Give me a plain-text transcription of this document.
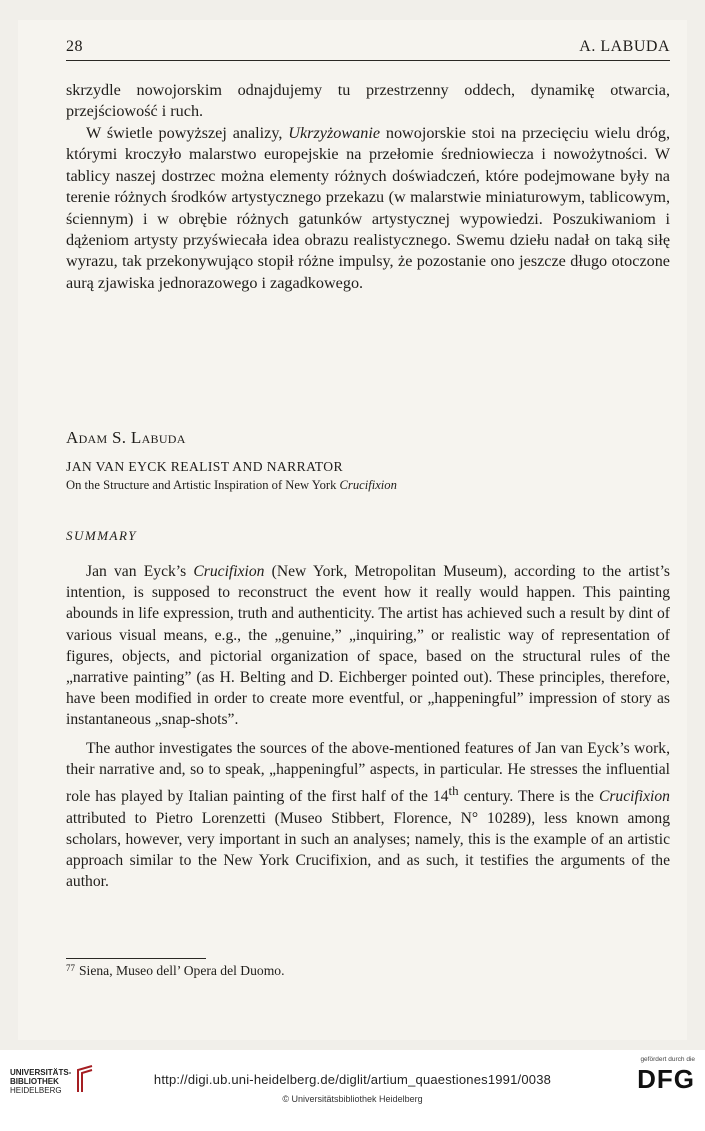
28	A. LABUDA

skrzydle nowojorskim odnajdujemy tu przestrzenny oddech, dynamikę otwarcia, przejściowość i ruch.

W świetle powyższej analizy, Ukrzyżowanie nowojorskie stoi na przecięciu wielu dróg, którymi kroczyło malarstwo europejskie na przełomie średniowiecza i nowożytności. W tablicy naszej dostrzec można elementy różnych doświadczeń, które podejmowane były na terenie różnych środków artystycznego przekazu (w malarstwie miniaturowym, tablicowym, ściennym) i w obrębie różnych gatunków artystycznej wypowiedzi. Poszukiwaniom i dążeniom artysty przyświecała idea obrazu realistycznego. Swemu dziełu nadał on taką siłę wyrazu, tak przekonywująco stopił różne impulsy, że pozostanie ono jeszcze długo otoczone aurą zjawiska jednorazowego i zagadkowego.

Adam S. Labuda
JAN VAN EYCK REALIST AND NARRATOR
On the Structure and Artistic Inspiration of New York Crucifixion
SUMMARY

Jan van Eyck’s Crucifixion (New York, Metropolitan Museum), according to the artist’s intention, is supposed to reconstruct the event how it really would happen. This painting abounds in life expression, truth and authenticity. The artist has achieved such a result by dint of various visual means, e.g., the „genuine,” „inquiring,” or realistic way of representation of figures, objects, and pictorial organization of space, based on the structural rules of the „narrative painting” (as H. Belting and D. Eichberger pointed out). These principles, therefore, have been modified in order to create more eventful, or „happeningful” impression of story as instantaneous „snap-shots”.

The author investigates the sources of the above-mentioned features of Jan van Eyck’s work, their narrative and, so to speak, „happeningful” aspects, in particular. He stresses the influential role has played by Italian painting of the first half of the 14th century. There is the Crucifixion attributed to Pietro Lorenzetti (Museo Stibbert, Florence, N° 10289), less known among scholars, however, very important in such an analyses; namely, this is the example of an artistic approach similar to the New York Crucifixion, and as such, it testifies the arguments of the author.

$^{77}$ Siena, Museo dell’ Opera del Duomo.
UNIVERSITÄTS-
BIBLIOTHEK
HEIDELBERG
http://digi.ub.uni-heidelberg.de/diglit/artium_quaestiones1991/0038
© Universitätsbibliothek Heidelberg
gefördert durch die
DFG
